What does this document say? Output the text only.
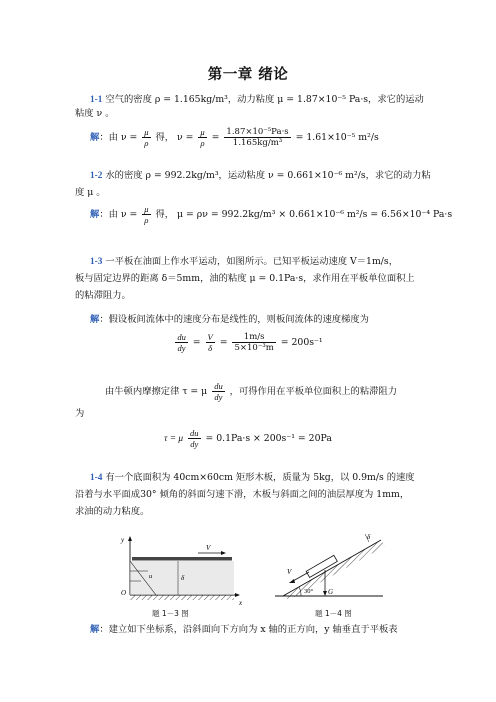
第一章 绪论
1-1 空气的密度 ρ = 1.165kg/m³，动力粘度 μ = 1.87×10⁻⁵ Pa·s，求它的运动
粘度 ν 。
解：由 $\nu = \frac{\mu}{\rho}$ 得， $\nu = \frac{\mu}{\rho} = \frac{\text{1.87×10⁻⁵Pa·s}}{\text{1.165kg/m³}} = 1.61\times 10^{-5}$ m²/s
1-2 水的密度 ρ = 992.2kg/m³，运动粘度 ν = 0.661×10⁻⁶ m²/s，求它的动力粘
度 μ 。
解：由 $\nu = \frac{\mu}{\rho}$ 得， μ = ρν = 992.2kg/m³ × 0.661×10⁻⁶ m²/s = 6.56×10⁻⁴ Pa·s
1-3 一平板在油面上作水平运动，如图所示。已知平板运动速度 V＝1m/s，
板与固定边界的距离 δ＝5mm，油的粘度 μ = 0.1Pa·s，求作用在平板单位面积上
的粘滞阻力。
解：假设板间流体中的速度分布是线性的，则板间流体的速度梯度为
$\frac{du}{dy} = \frac{V}{\delta} = \frac{1m/s}{\text{5×10⁻³m}} = 200s^{-1}$
由牛顿内摩擦定律 τ = μ $\frac{du}{dy}$ ，可得作用在平板单位面积上的粘滞阻力
为
τ = μ $\frac{du}{dy} = 0.1Pa\cdot s \times 200s^{-1} = 20Pa$
1-4 有一个底面积为 40cm×60cm 矩形木板，质量为 5kg，以 0.9m/s 的速度
沿着与水平面成30° 倾角的斜面匀速下滑，木板与斜面之间的油层厚度为 1mm，
求油的动力粘度。
y
x
V
O
u	δ
题 1－3 图
V
G
30°
δ
题 1－4 图
解：建立如下坐标系，沿斜面向下方向为 x 轴的正方向，y 轴垂直于平板表
